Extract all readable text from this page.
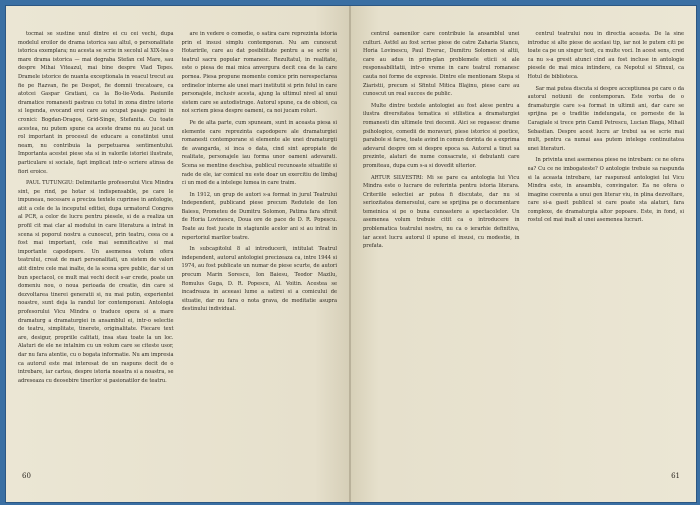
tocmai se sustine unul dintre ei cu cei vechi, dupa modelul eroilor de drama istorica sau altul, o personalitate istorica exemplara; nu acesta se scrie in secolul al XIX-lea o mare drama istorica — mai degraba Stefan cel Mare, sau despre Mihai Viteazul, mai bine despre Vlad Tepes. Dramele istorice de nuanta exceptionala in veacul trecut au fie pe Razvan, fie pe Despot, fie domnii trecatoare, ca atotcei Gaspar Gratiani, ca la Bo-lie-Voda. Pasiunile dramatice romanesti pastrau cu totul in zona dintre istorie si legenda, evocand eroi care au ocupat pasaje pagini in cronici: Bogdan-Dragos, Grid-Singe, Stefanita. Cu toate acestea, nu putem spune ca aceste drame nu au jucat un rol important in procesul de educare a constiintei unui neam, nu contribuia la perpetuarea sentimentului. Importanta acestei piese sta si in valorile istoriei ilustrate, particulare si sociale, fapt implicat intr-o scriere atinsa de fiori eroice.

PAUL TUTUNGIU: Delimitarile profesorului Vicu Mindra sint, pe rind, pe hotar si indispensabile, pe care le impuneau, necesare a preciza textele cuprinse in antologie, atit a cele de la inceputul editiei, dupa urmatorul Congres al PCR, a celor de lucru pentru piesele, si de a realiza un profil cit mai clar al modului in care literatura a intrat in scena si poporul nostru a cunoscut, prin teatru, ceea ce a fost mai important, cele mai semnificative si mai importante capodopere. Un asemenea volum ofera teatrului, creat de mari personalitati, un sistem de valori atit dintre cele mai inalte, de la scena spre public, dar si un bun spectacol, ce mult mai vechi decit s-ar crede, poate un domeniu nou, o noua perioada de creatie, din care si dezvoltarea tinerei generatii si, nu mai putin, experientei noastre, sunt deja la randul lor contemporani. Antologia profesorului Vicu Mindra o traduce opera si a mare dramaturg a dramaturgiei in ansamblul ei, intr-o selectie de teatru, simplitate, tinerete, originalitate. Fiecare text are, desigur, propriile calitati, insa stau toate la un loc. Alaturi de ele ne intalnim cu un volum care se citeste usor, dar nu fara atentie, cu o bogata informatie. Nu am impresia ca autorul este mai interesat de un raspuns decit de o intrebare, iar cartea, despre istoria noastra si a noastra, se adreseaza cu deosebire tinerilor si pasionatilor de teatru.

are in vedere o comedie, o satira care reprezinta istoria prin el insusi simplu contemporan. Nu am cunoscut Hotaririle, care au dat posibilitate pentru a se scrie si teatrul sacru popular romanesc. Rezultatul, in realitate, este o piesa de mai mica anvergura decit cea de la care pornea. Piesa propune momente comice prin nerespectarea ordinelor interne ale unei mari institutii si prin felul in care personajele, inclusiv acesta, ajung la ultimul nivel al unui sistem care se autodistruge. Autorul spune, ca de obicei, ca noi scriem piesa despre oameni, ca noi jucam roluri.

Pe de alta parte, cum spuneam, sunt in aceasta piesa si elemente care reprezinta capodopere ale dramaturgiei romanesti contemporane si elemente ale unei dramaturgii de avangarda, si inca o data, cind sint apropiate de realitate, personajele iau forma unor oameni adevarati. Scena se mentine deschisa, publicul recunoaste situatiile si rade de ele, iar comicul nu este doar un exercitiu de limbaj ci un mod de a intelege lumea in care traim.

In 1912, un grup de autori s-a format in jurul Teatrului Independent, publicand piese precum Redutele de Ion Baiesu, Prometeu de Dumitru Solomon, Patima fara sfirsit de Horia Lovinescu, Doua ore de pace de D. R. Popescu. Toate au fost jucate in stagiunile acelor ani si au intrat in repertoriul marilor teatre.

In subcapitolul 8 al introducerii, intitulat Teatrul independent, autorul antologiei precizeaza ca, intre 1944 si 1974, au fost publicate un numar de piese scurte, de autori precum Marin Sorescu, Ion Baiesu, Teodor Mazilu, Romulus Guga, D. R. Popescu, Al. Voitin. Acestea se incadreaza in aceeasi lume a satirei si a comicului de situatie, dar nu fara o nota grava, de meditatie asupra destinului individual.

60

centrul oamenilor care contribuie la ansamblul unei culturi. Astfel au fost scrise piese de catre Zaharia Stancu, Horia Lovinescu, Paul Everac, Dumitru Solomon si altii, care au adus in prim-plan problemele eticii si ale responsabilitatii, intr-o vreme in care teatrul romanesc cauta noi forme de expresie. Dintre ele mentionam Stepa si Ziaristii, precum si Sfintul Mitica Blajinu, piese care au cunoscut un real succes de public.

Multe dintre textele antologiei au fost alese pentru a ilustra diversitatea tematica si stilistica a dramaturgiei romanesti din ultimele trei decenii. Aici se regasesc drame psihologice, comedii de moravuri, piese istorice si poetice, parabole si farse, toate avind in comun dorinta de a exprima adevarul despre om si despre epoca sa. Autorul a tinut sa prezinte, alaturi de nume consacrate, si debutanti care promiteau, dupa cum s-a si dovedit ulterior.

ARTUR SILVESTRI: Mi se pare ca antologia lui Vicu Mindra este o lucrare de referinta pentru istoria literara. Criteriile selectiei ar putea fi discutate, dar nu si seriozitatea demersului, care se sprijina pe o documentare temeinica si pe o buna cunoastere a spectacolelor. Un asemenea volum trebuie citit ca o introducere in problematica teatrului nostru, nu ca o ierarhie definitiva, iar acest lucru autorul il spune el insusi, cu modestie, in prefata.

centrul teatrului nou in directia aceasta. De la sine introduc si alte piese de acelasi tip, iar noi le putem citi pe toate ca pe un singur text, cu multe voci. In acest sens, cred ca nu s-a gresit atunci cind au fost incluse in antologie piesele de mai mica intindere, ca Nepotul si Sfinxul, ca Hotul de biblioteca.

Sar mai putea discuta si despre acceptiunea pe care o da autorul notiunii de contemporan. Este vorba de o dramaturgie care s-a format in ultimii ani, dar care se sprijina pe o traditie indelungata, ce porneste de la Caragiale si trece prin Camil Petrescu, Lucian Blaga, Mihail Sebastian. Despre acest lucru ar trebui sa se scrie mai mult, pentru ca numai asa putem intelege continuitatea unei literaturi.

In privinta unei asemenea piese ne intrebam: ce ne ofera ea? Cu ce ne imbogateste? O antologie trebuie sa raspunda si la aceasta intrebare, iar raspunsul antologiei lui Vicu Mindra este, in ansamblu, convingator. Ea ne ofera o imagine coerenta a unui gen literar viu, in plina dezvoltare, care si-a gasit publicul si care poate sta alaturi, fara complexe, de dramaturgia altor popoare. Este, in fond, si rostul cel mai inalt al unei asemenea lucrari.

61
